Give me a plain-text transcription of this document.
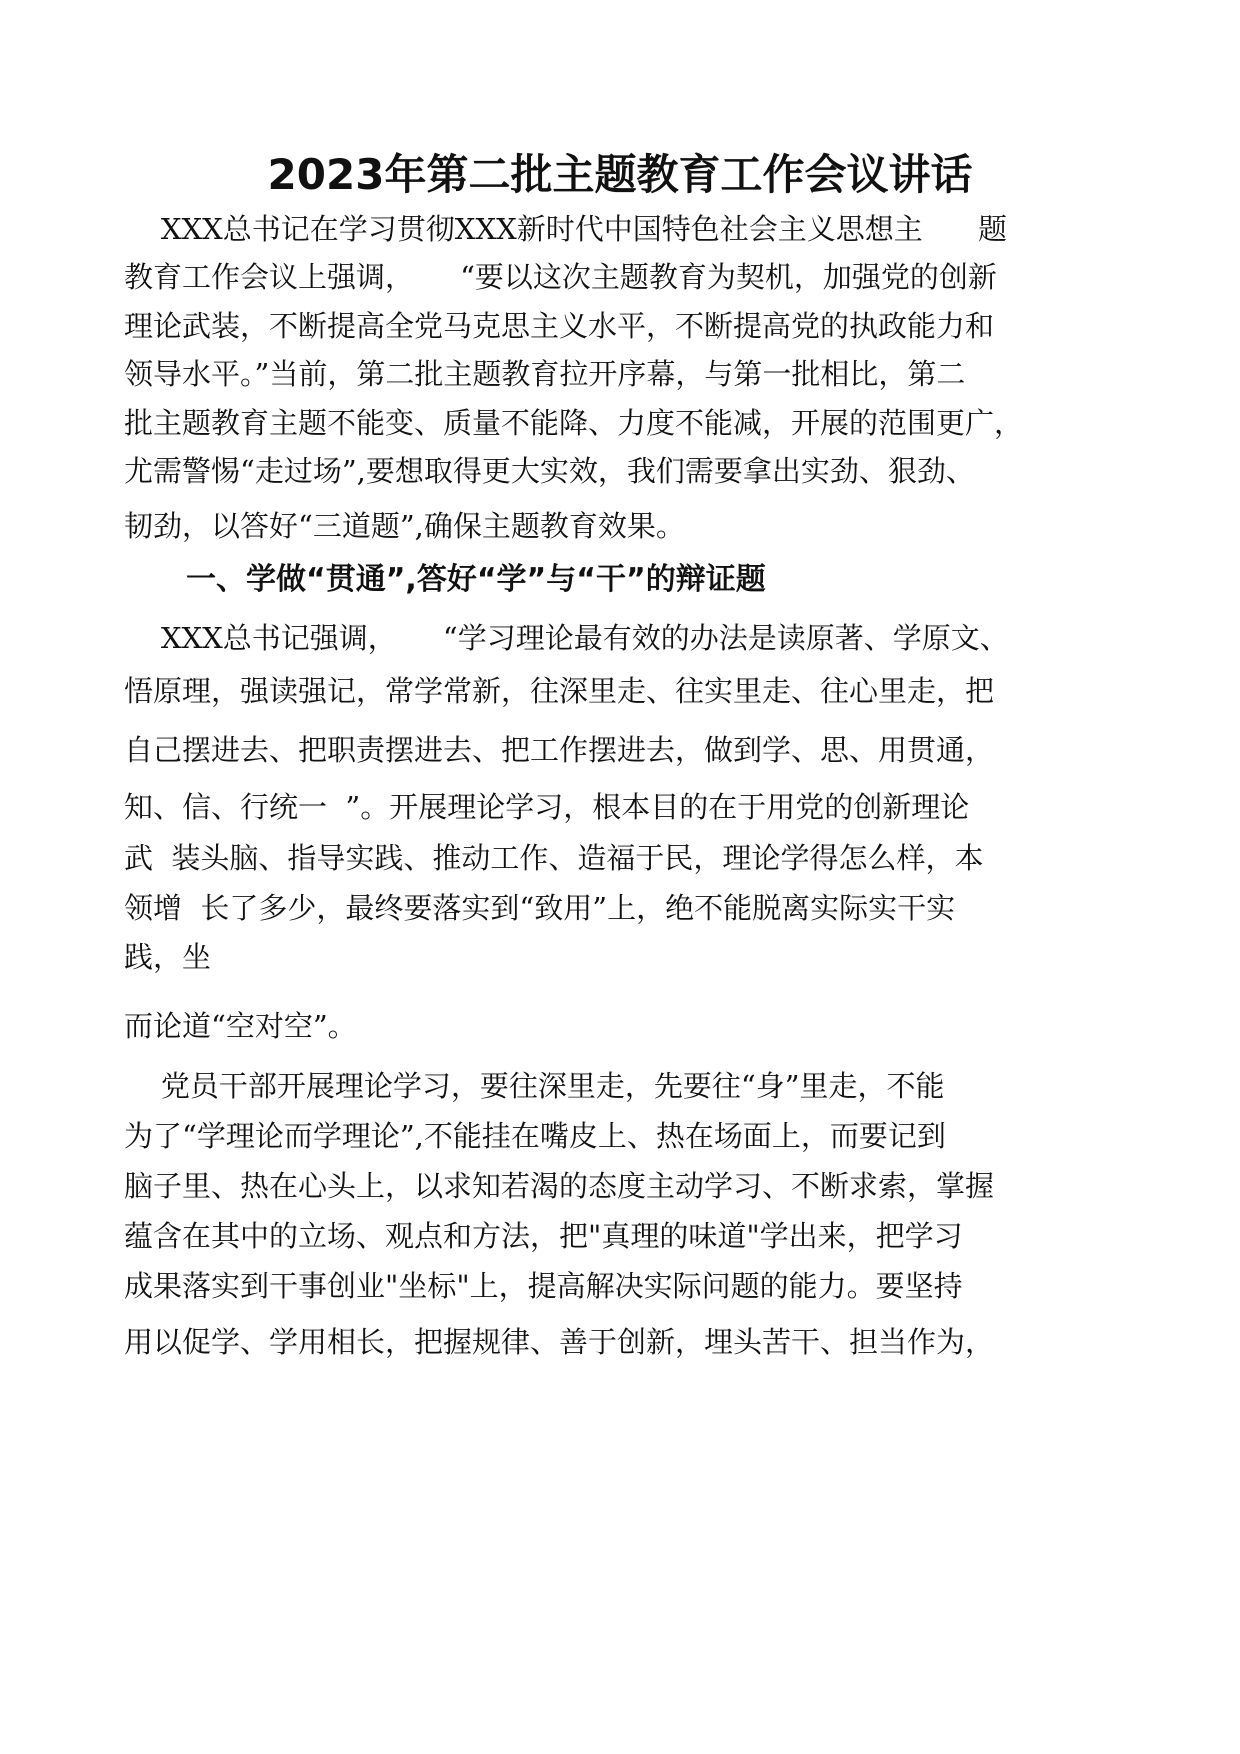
2023年第二批主题教育工作会议讲话
XXX总书记在学习贯彻XXX新时代中国特色社会主义思想主      题
教育工作会议上强调，     “要以这次主题教育为契机，加强党的创新
理论武装，不断提高全党马克思主义水平，不断提高党的执政能力和
领导水平。”当前，第二批主题教育拉开序幕，与第一批相比，第二
批主题教育主题不能变、质量不能降、力度不能减，开展的范围更广，
尤需警惕“走过场”,要想取得更大实效，我们需要拿出实劲、狠劲、
韧劲，以答好“三道题”,确保主题教育效果。
一、学做“贯通”,答好“学”与“干”的辩证题
XXX总书记强调，     “学习理论最有效的办法是读原著、学原文、
悟原理，强读强记，常学常新，往深里走、往实里走、往心里走，把
自己摆进去、把职责摆进去、把工作摆进去，做到学、思、用贯通，
知、信、行统一  ”。开展理论学习，根本目的在于用党的创新理论
武  装头脑、指导实践、推动工作、造福于民，理论学得怎么样，本
领增  长了多少，最终要落实到“致用”上，绝不能脱离实际实干实
践，坐
而论道“空对空”。
党员干部开展理论学习，要往深里走，先要往“身”里走，不能
为了“学理论而学理论”,不能挂在嘴皮上、热在场面上，而要记到
脑子里、热在心头上，以求知若渴的态度主动学习、不断求索，掌握
蕴含在其中的立场、观点和方法，把"真理的味道"学出来，把学习
成果落实到干事创业"坐标"上，提高解决实际问题的能力。要坚持
用以促学、学用相长，把握规律、善于创新，埋头苦干、担当作为，
